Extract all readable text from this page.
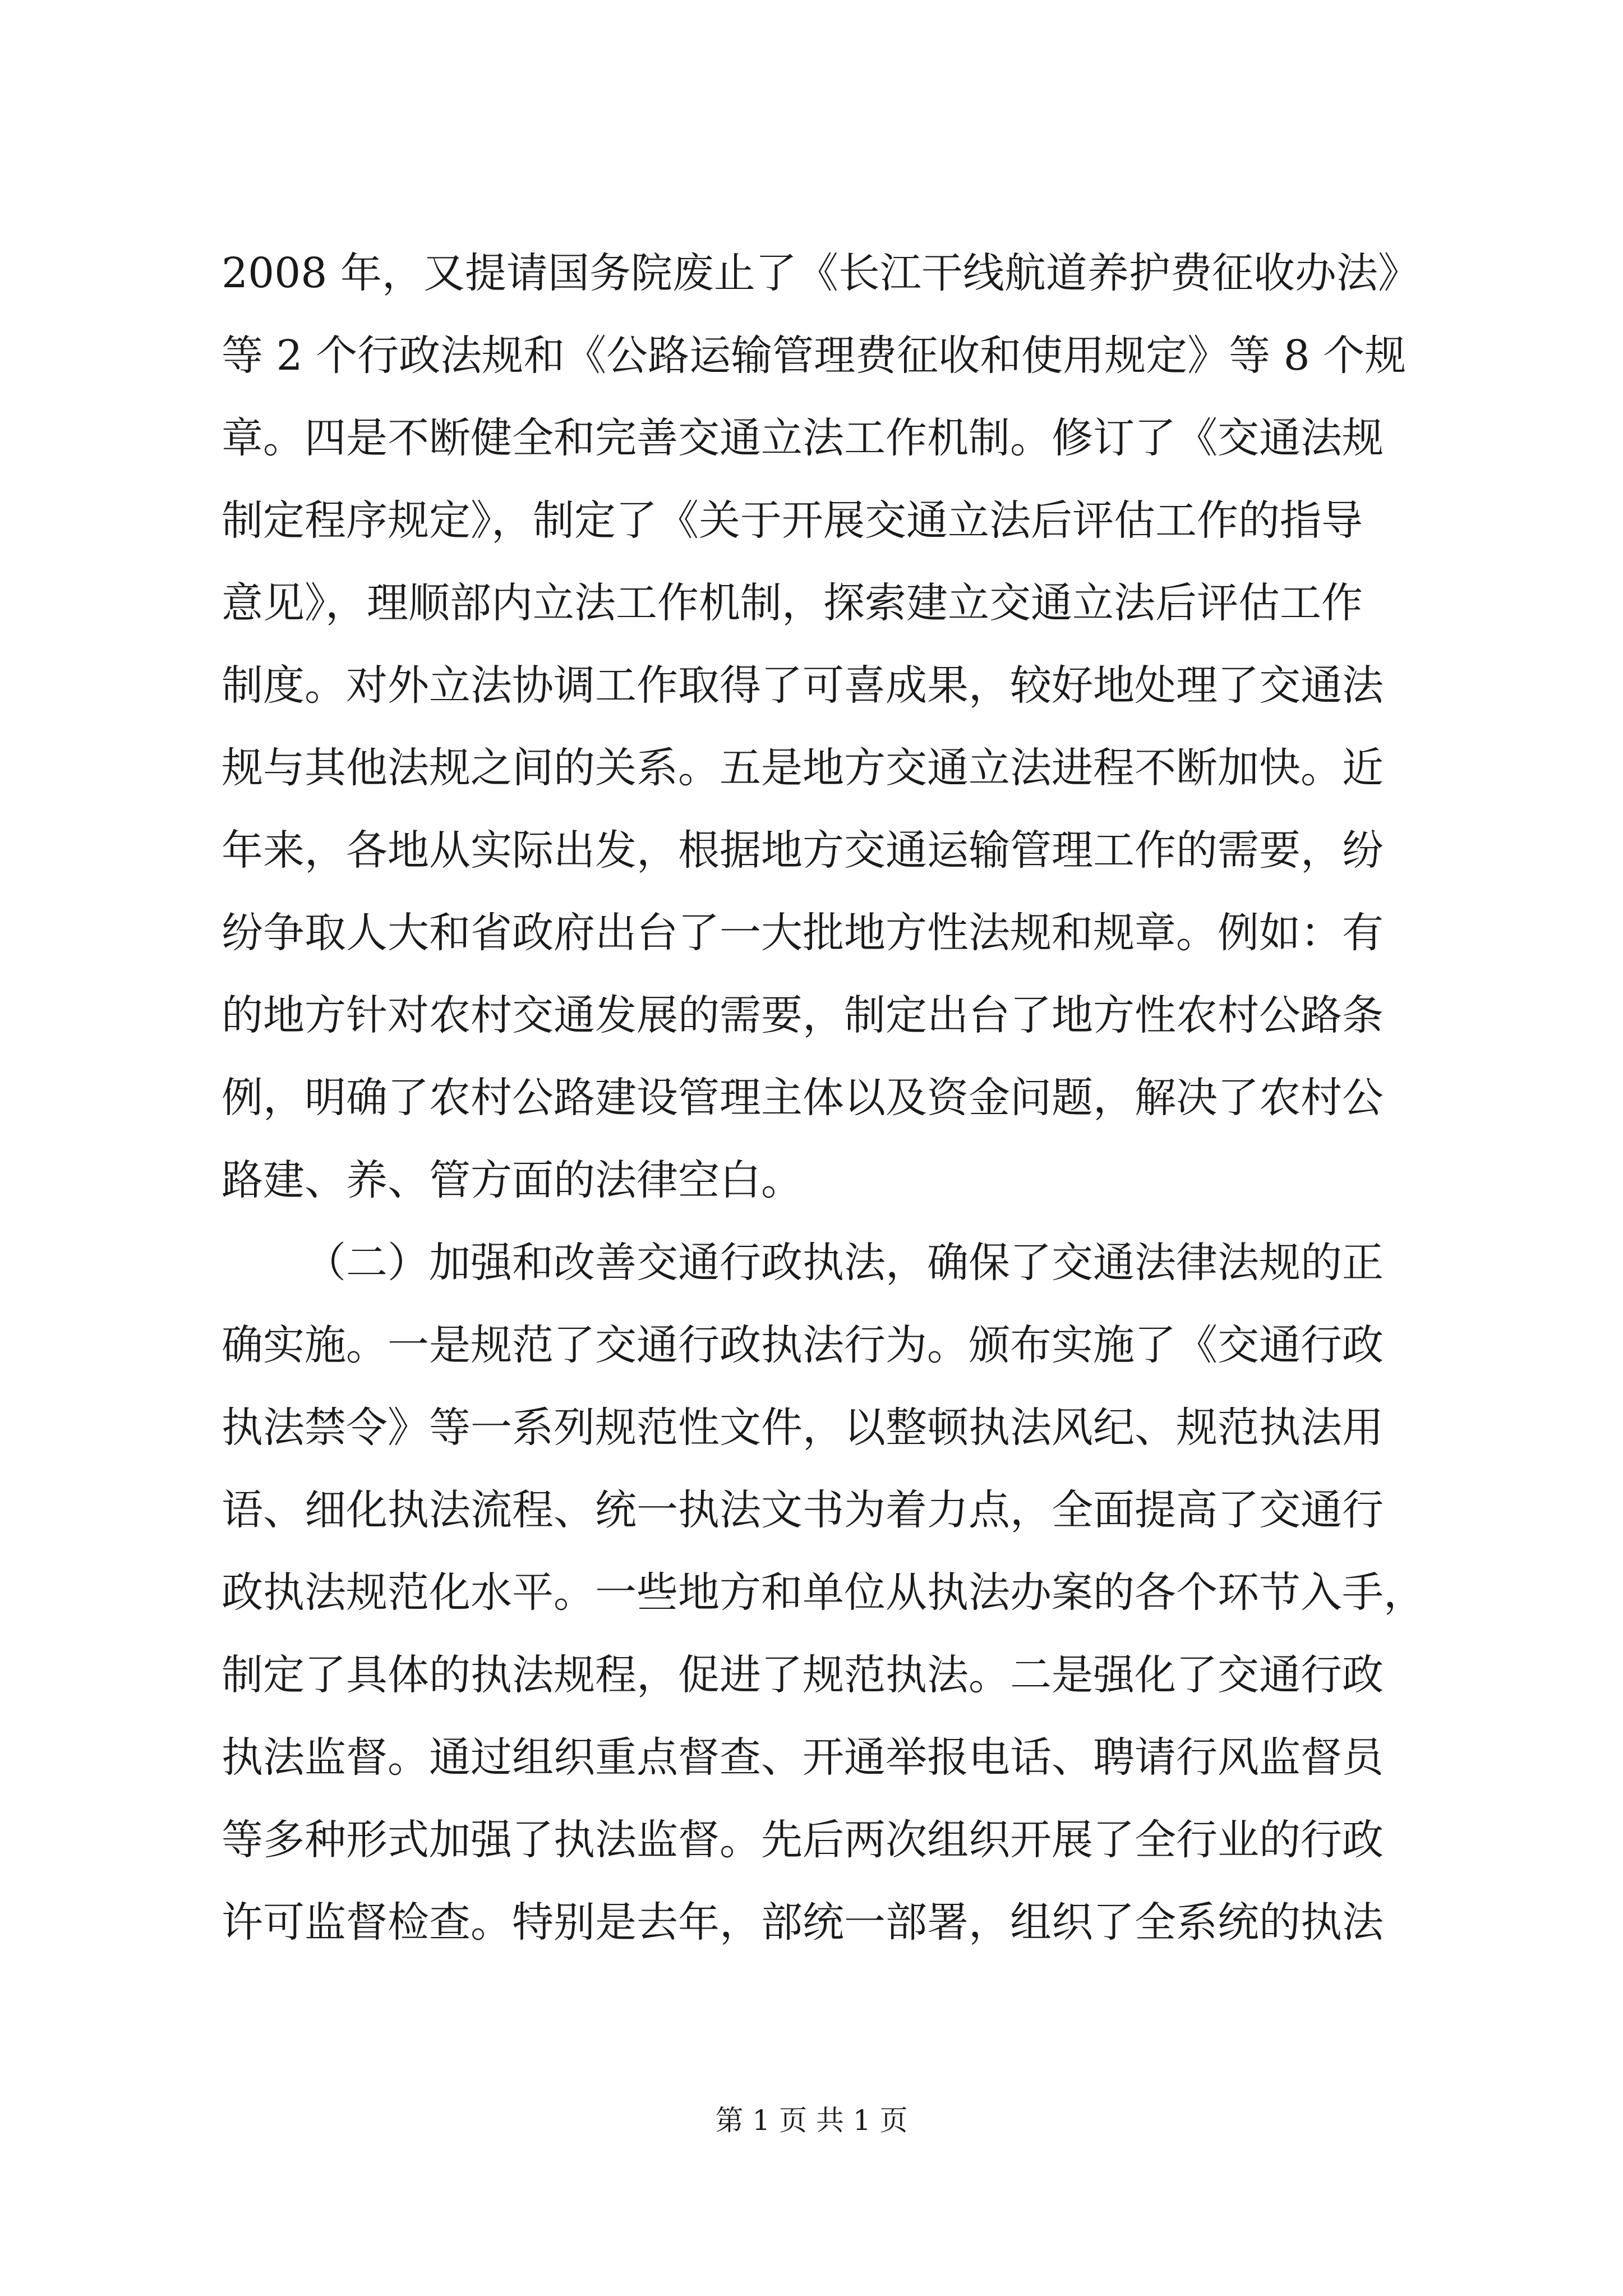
2008 年，又提请国务院废止了《长江干线航道养护费征收办法》
等 2 个行政法规和《公路运输管理费征收和使用规定》等 8 个规
章。四是不断健全和完善交通立法工作机制。修订了《交通法规
制定程序规定》，制定了《关于开展交通立法后评估工作的指导
意见》，理顺部内立法工作机制，探索建立交通立法后评估工作
制度。对外立法协调工作取得了可喜成果，较好地处理了交通法
规与其他法规之间的关系。五是地方交通立法进程不断加快。近
年来，各地从实际出发，根据地方交通运输管理工作的需要，纷
纷争取人大和省政府出台了一大批地方性法规和规章。例如：有
的地方针对农村交通发展的需要，制定出台了地方性农村公路条
例，明确了农村公路建设管理主体以及资金问题，解决了农村公
路建、养、管方面的法律空白。
（二）加强和改善交通行政执法，确保了交通法律法规的正
确实施。一是规范了交通行政执法行为。颁布实施了《交通行政
执法禁令》等一系列规范性文件，以整顿执法风纪、规范执法用
语、细化执法流程、统一执法文书为着力点，全面提高了交通行
政执法规范化水平。一些地方和单位从执法办案的各个环节入手，
制定了具体的执法规程，促进了规范执法。二是强化了交通行政
执法监督。通过组织重点督查、开通举报电话、聘请行风监督员
等多种形式加强了执法监督。先后两次组织开展了全行业的行政
许可监督检查。特别是去年，部统一部署，组织了全系统的执法
第 1 页 共 1 页
